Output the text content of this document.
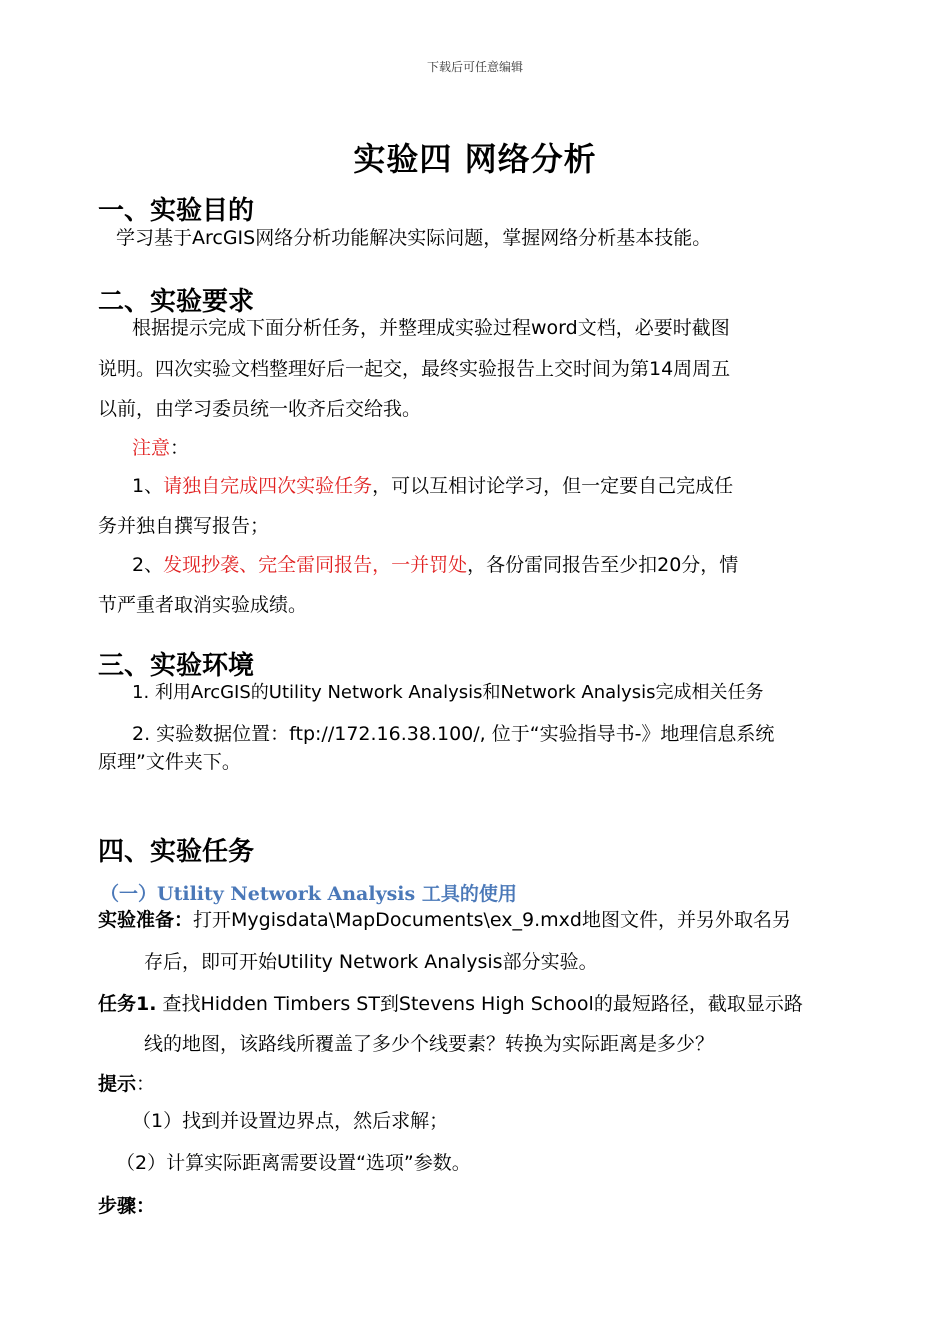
下载后可任意编辑
实验四 网络分析
一、实验目的
学习基于ArcGIS网络分析功能解决实际问题，掌握网络分析基本技能。
二、实验要求
根据提示完成下面分析任务，并整理成实验过程word文档，必要时截图
说明。四次实验文档整理好后一起交，最终实验报告上交时间为第14周周五
以前，由学习委员统一收齐后交给我。
注意：
1、请独自完成四次实验任务，可以互相讨论学习，但一定要自己完成任
务并独自撰写报告；
2、发现抄袭、完全雷同报告，一并罚处，各份雷同报告至少扣20分，情
节严重者取消实验成绩。
三、实验环境
1. 利用ArcGIS的Utility Network Analysis和Network Analysis完成相关任务
2. 实验数据位置：ftp://172.16.38.100/, 位于“实验指导书-》地理信息系统
原理”文件夹下。
四、实验任务
（一）Utility Network Analysis 工具的使用
实验准备：打开Mygisdata\MapDocuments\ex_9.mxd地图文件，并另外取名另
存后，即可开始Utility Network Analysis部分实验。
任务1. 查找Hidden Timbers ST到Stevens High School的最短路径，截取显示路
线的地图，该路线所覆盖了多少个线要素？转换为实际距离是多少？
提示：
（1）找到并设置边界点，然后求解；
（2）计算实际距离需要设置“选项”参数。
步骤：
